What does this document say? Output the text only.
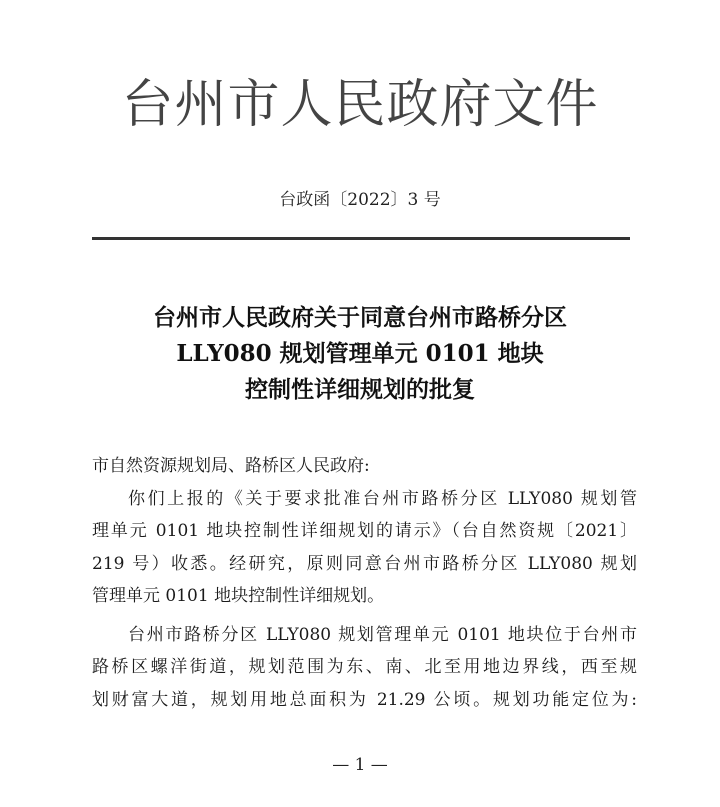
台州市人民政府文件
台政函〔2022〕3 号
台州市人民政府关于同意台州市路桥分区
LLY080 规划管理单元 0101 地块
控制性详细规划的批复
市自然资源规划局、路桥区人民政府:
你们上报的《关于要求批准台州市路桥分区 LLY080 规划管
理单元 0101 地块控制性详细规划的请示》（台自然资规〔2021〕
219 号）收悉。经研究，原则同意台州市路桥分区 LLY080 规划
管理单元 0101 地块控制性详细规划。
台州市路桥分区 LLY080 规划管理单元 0101 地块位于台州市
路桥区螺洋街道，规划范围为东、南、北至用地边界线，西至规
划财富大道，规划用地总面积为 21.29 公顷。规划功能定位为:
— 1 —
